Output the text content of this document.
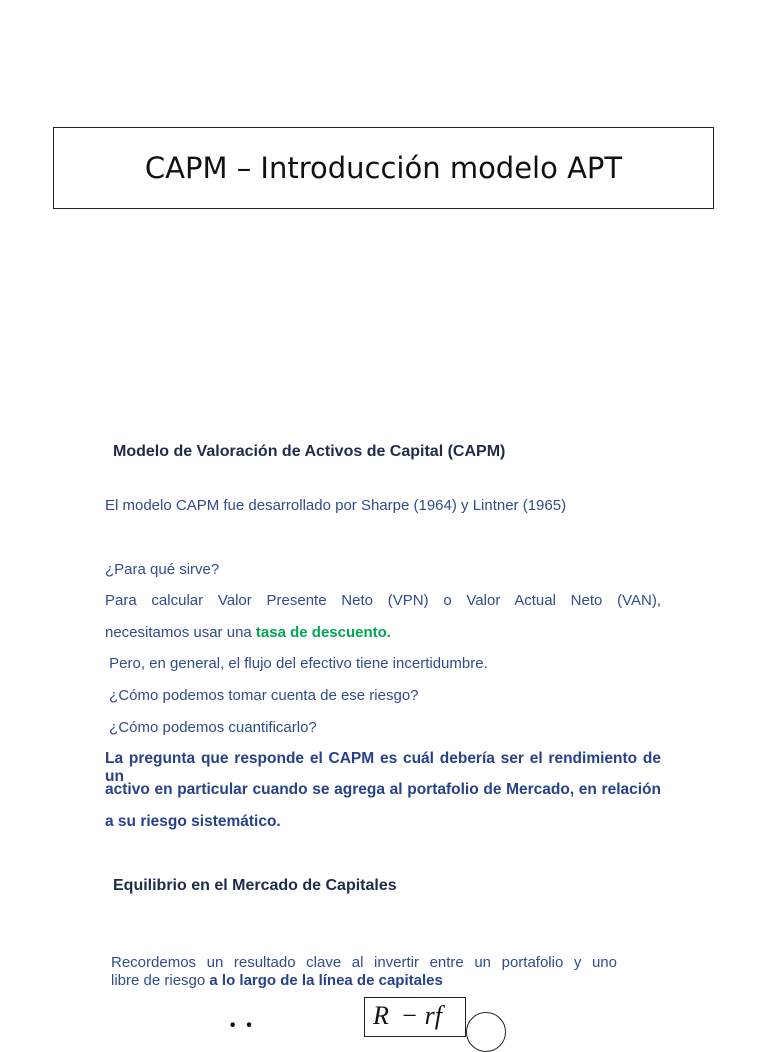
CAPM – Introducción modelo APT
Modelo de Valoración de Activos de Capital (CAPM)
El modelo CAPM fue desarrollado por Sharpe (1964) y Lintner (1965)
¿Para qué sirve?
Para calcular Valor Presente Neto (VPN) o Valor Actual Neto (VAN),
necesitamos usar una tasa de descuento.
Pero, en general, el flujo del efectivo tiene incertidumbre.
¿Cómo podemos tomar cuenta de ese riesgo?
¿Cómo podemos cuantificarlo?
La pregunta que responde el CAPM es cuál debería ser el rendimiento de un
activo en particular cuando se agrega al portafolio de Mercado, en relación
a su riesgo sistemático.
Equilibrio en el Mercado de Capitales
Recordemos un resultado clave al invertir entre un portafolio y uno
libre de riesgo a lo largo de la línea de capitales
· ·	R  − rf
